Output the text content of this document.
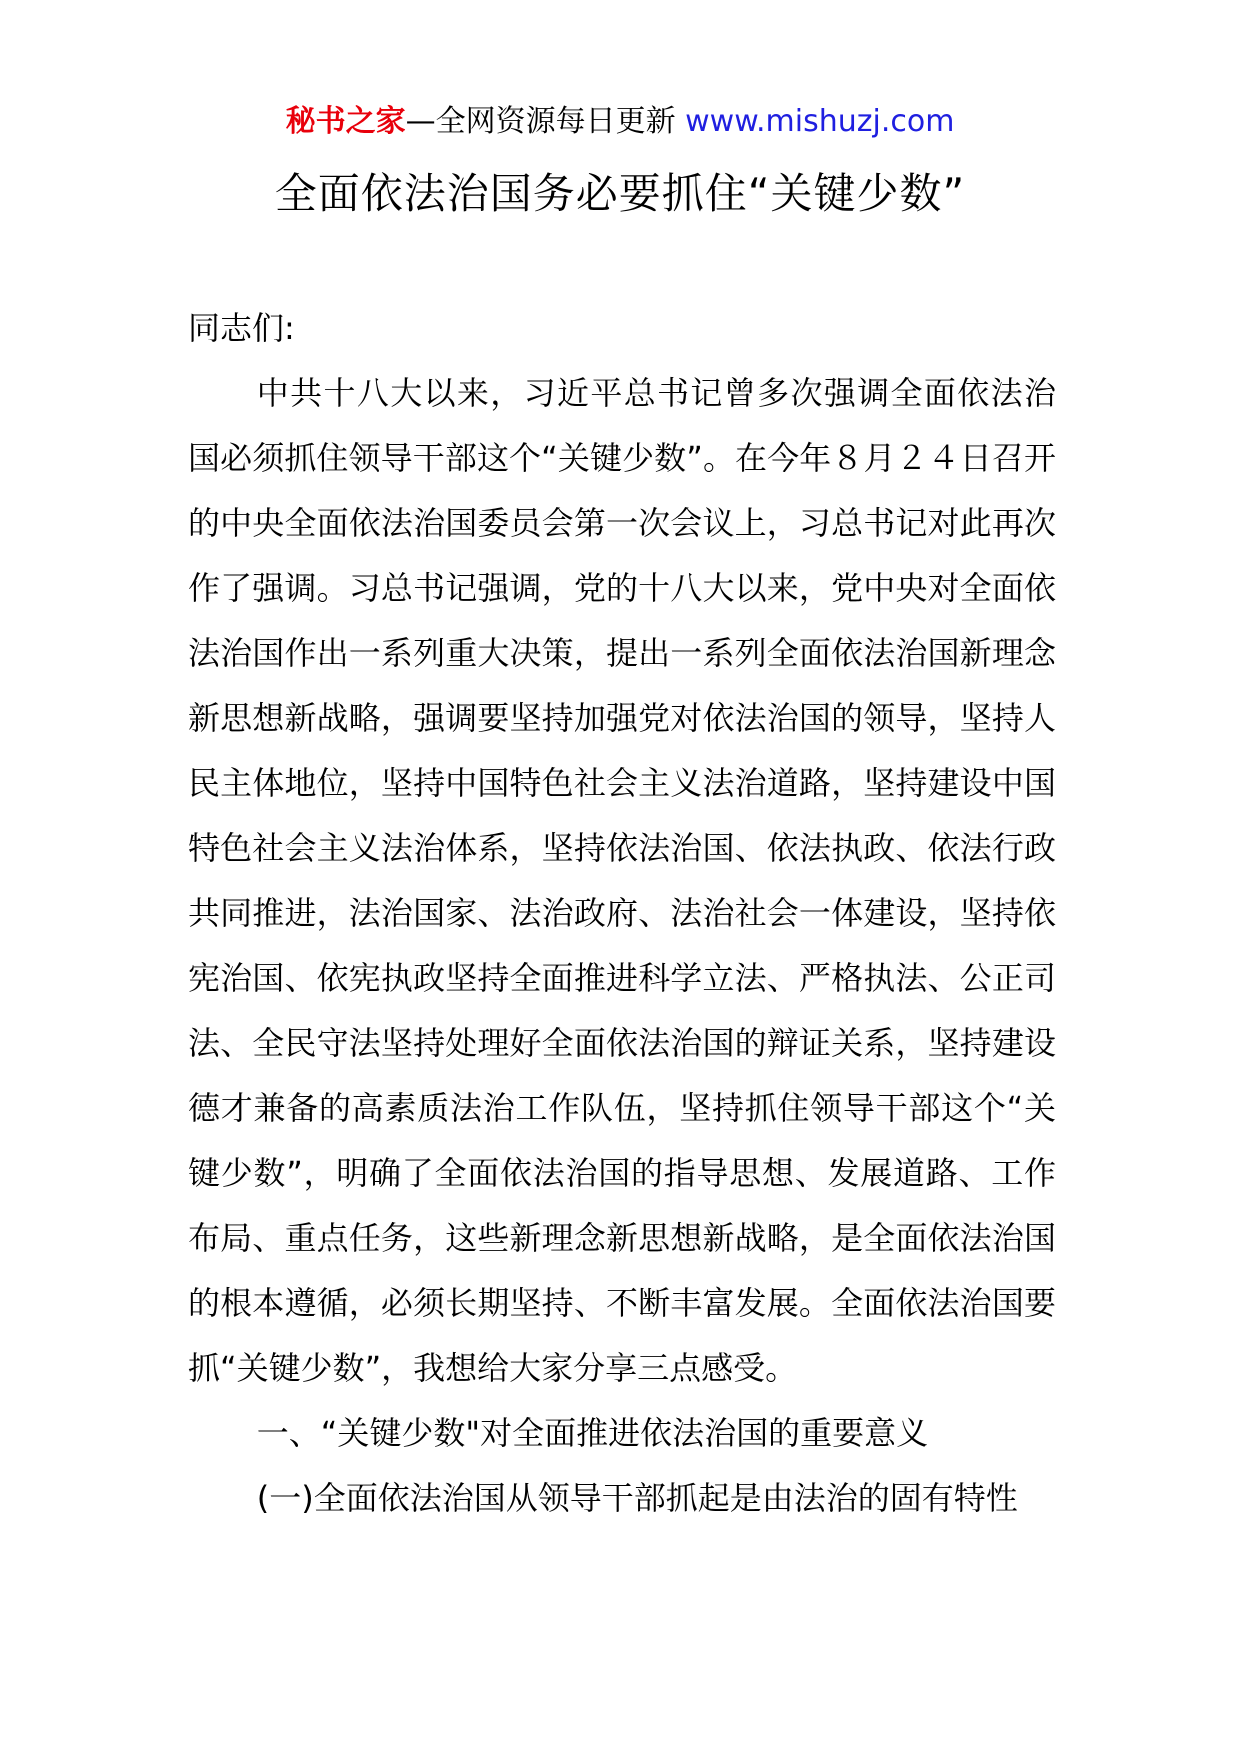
秘书之家—全网资源每日更新 www.mishuzj.com
全面依法治国务必要抓住“关键少数”

同志们:

中共十八大以来，习近平总书记曾多次强调全面依法治国必须抓住领导干部这个“关键少数”。在今年８月２４日召开的中央全面依法治国委员会第一次会议上，习总书记对此再次作了强调。习总书记强调，党的十八大以来，党中央对全面依法治国作出一系列重大决策，提出一系列全面依法治国新理念新思想新战略，强调要坚持加强党对依法治国的领导，坚持人民主体地位，坚持中国特色社会主义法治道路，坚持建设中国特色社会主义法治体系，坚持依法治国、依法执政、依法行政共同推进，法治国家、法治政府、法治社会一体建设，坚持依宪治国、依宪执政坚持全面推进科学立法、严格执法、公正司法、全民守法坚持处理好全面依法治国的辩证关系，坚持建设德才兼备的高素质法治工作队伍，坚持抓住领导干部这个“关键少数”，明确了全面依法治国的指导思想、发展道路、工作布局、重点任务，这些新理念新思想新战略，是全面依法治国的根本遵循，必须长期坚持、不断丰富发展。全面依法治国要抓“关键少数”，我想给大家分享三点感受。

一、“关键少数"对全面推进依法治国的重要意义

(一)全面依法治国从领导干部抓起是由法治的固有特性
